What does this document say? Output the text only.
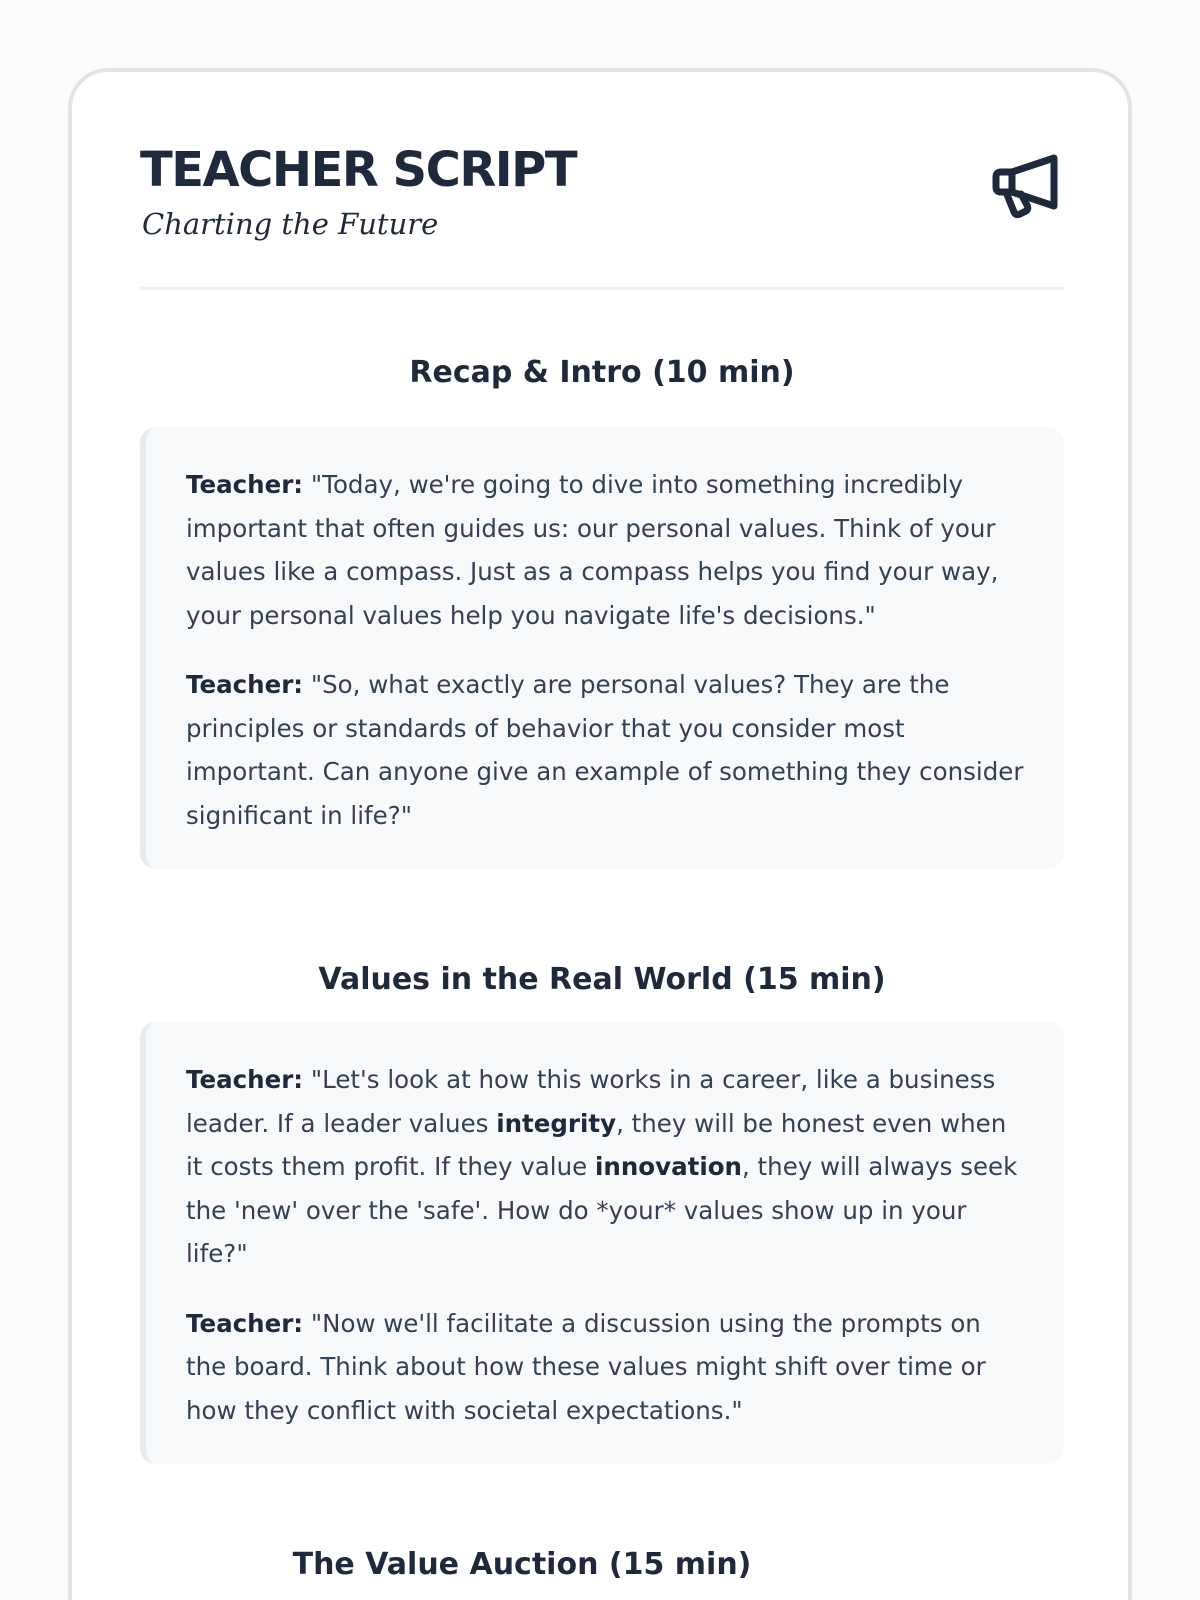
TEACHER SCRIPT
Charting the Future
Recap & Intro (10 min)

Teacher: "Today, we're going to dive into something incredibly important that often guides us: our personal values. Think of your values like a compass. Just as a compass helps you find your way, your personal values help you navigate life's decisions."

Teacher: "So, what exactly are personal values? They are the principles or standards of behavior that you consider most important. Can anyone give an example of something they consider significant in life?"

Values in the Real World (15 min)

Teacher: "Let's look at how this works in a career, like a business leader. If a leader values integrity, they will be honest even when it costs them profit. If they value innovation, they will always seek the 'new' over the 'safe'. How do *your* values show up in your life?"

Teacher: "Now we'll facilitate a discussion using the prompts on the board. Think about how these values might shift over time or how they conflict with societal expectations."

The Value Auction (15 min)
